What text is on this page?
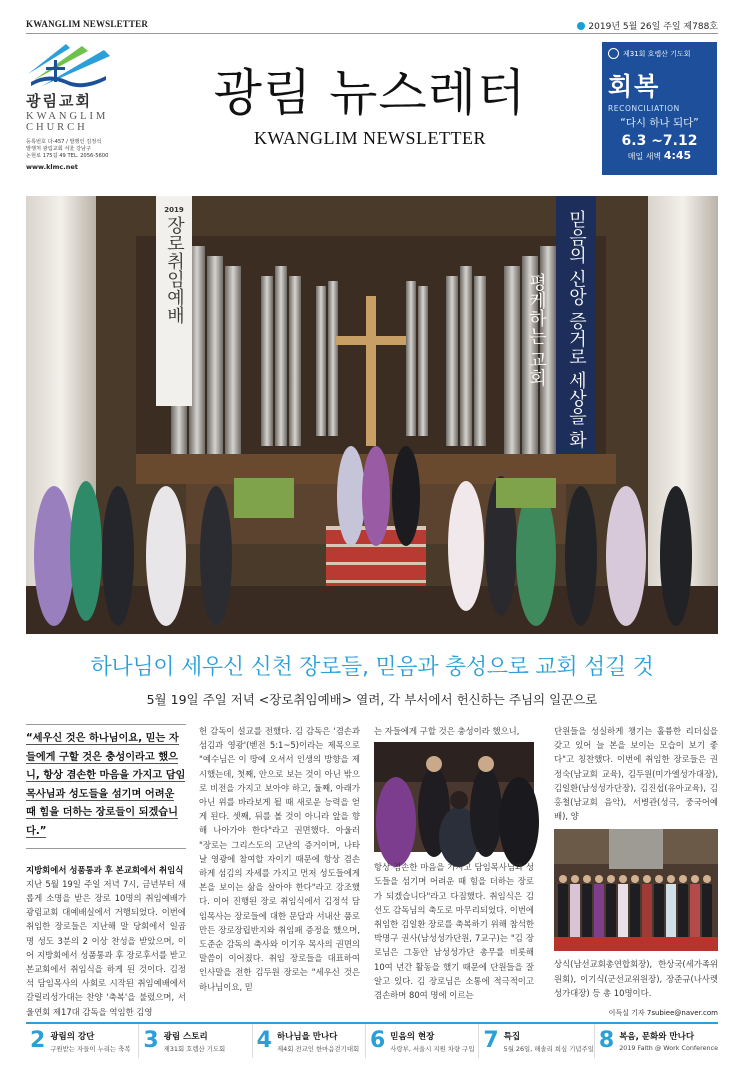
KWANGLIM NEWSLETTER	2019년 5월 26일 주일 제788호
광림교회
KWANGLIM
CHURCH
등록번호 다-457 / 발행인 김정석
발행처 광림교회 서울 강남구
논현로 175길 49 TEL. 2056-5600
www.klmc.net
광림 뉴스레터
KWANGLIM NEWSLETTER
제31회 호렙산 기도회
회복
RECONCILIATION
“다시 하나 되다”
6.3 ~7.12
매일 새벽 4:45
2019
장로취임예배	믿음의 신앙 증거로 세상을 화평케하는 교회
하나님이 세우신 신천 장로들, 믿음과 충성으로 교회 섬길 것
5월 19일 주일 저녁 <장로취임예배> 열려, 각 부서에서 헌신하는 주님의 일꾼으로
“세우신 것은 하나님이요, 믿는 자들에게 구할 것은 충성이라고 했으니, 항상 겸손한 마음을 가지고 담임목사님과 성도들을 섬기며 어려운 때 힘을 더하는 장로들이 되겠습니다.”
지방회에서 성품통과 후 본교회에서 취임식

지난 5월 19일 주일 저녁 7시, 금년부터 새롭게 소명을 받은 장로 10명의 취임예배가 광림교회 대예배실에서 거행되었다. 이번에 취임한 장로들은 지난해 말 당회에서 일곱 명 성도 3분의 2 이상 찬성을 받았으며, 이어 지방회에서 성품통과 후 장로후서를 받고 본교회에서 취임식을 하게 된 것이다. 김정석 담임목사의 사회로 시작된 취임예배에서 갈릴리성가대는 찬양 '축복'을 불렀으며, 서울연회 제17대 감독을 역임한 김영

헌 감독이 설교를 전했다. 김 감독은 '겸손과 섬김과 영광'(벧전 5:1~5)이라는 제목으로 "예수님은 이 땅에 오셔서 인생의 방향을 제시했는데, 첫째, 안으로 보는 것이 아닌 밖으로 비전을 가지고 보아야 하고, 둘째, 아래가 아닌 위를 바라보게 될 때 새로운 능력을 얻게 된다. 셋째, 뒤를 볼 것이 아니라 앞을 향해 나아가야 한다"라고 권면했다. 아울러 "장로는 그리스도의 고난의 증거이며, 나타날 영광에 참여할 자이기 때문에 항상 겸손하게 섬김의 자세를 가지고 먼저 성도들에게 본을 보이는 삶을 살아야 한다"라고 강조했다. 이어 진행된 장로 취임식에서 김정석 담임목사는 장로들에 대한 문답과 서내산 품로만든 장로장립반지와 취임패 증정을 했으며, 도준순 감독의 축사와 이기우 목사의 권면의 말씀이 이어졌다. 취임 장로들을 대표하여 인사말을 전한 김두원 장로는 "세우신 것은 하나님이요, 믿

는 자들에게 구할 것은 충성이라 했으니,

항상 겸손한 마음을 가지고 담임목사님과 성도들을 섬기며 어려운 때 힘을 더하는 장로가 되겠습니다"라고 다짐했다. 취임식은 김선도 감독님의 축도로 마무리되었다. 이번에 취임한 김일환 장로를 축복하기 위해 참석한 박명구 권사(남성성가단원, 7교구)는 "김 장로님은 그동안 남성성가단 총무를 비롯해 10여 년간 활동을 했기 때문에 단원들을 잘 알고 있다. 김 장로님은 소통에 적극적이고 겸손하며 80여 명에 이르는

단원들을 성실하게 챙기는 훌륭한 리더십을 갖고 있어 늘 본을 보이는 모습이 보기 좋다"고 칭찬했다. 이번에 취임한 장로들은 권정숙(남교회 교육), 김두원(미가엘성가대장), 김일환(남성성가단장), 김진섭(유아교육), 김홍철(남교회 음악), 서병관(성극, 중국어예배), 양

상식(남선교회총연합회장), 한상국(세가족위원회), 이기식(군선교위원장), 장준규(나사렛성가대장) 등 총 10명이다.

이득실 기자 7subiee@naver.com
2 광림의 강단
구원받는 자들이 누리는 축복 3 광림 스토리
제31회 호렙산 기도회 4 하나님을 만나다
제4회 전교인 한마음걷기대회 6 믿음의 현장
사랑부, 서울시 지원 차량 구입 7 특집
5월 26일, 해솔리 희심 기념주일 8 복음, 문화와 만나다
2019 Faith @ Work Conference
